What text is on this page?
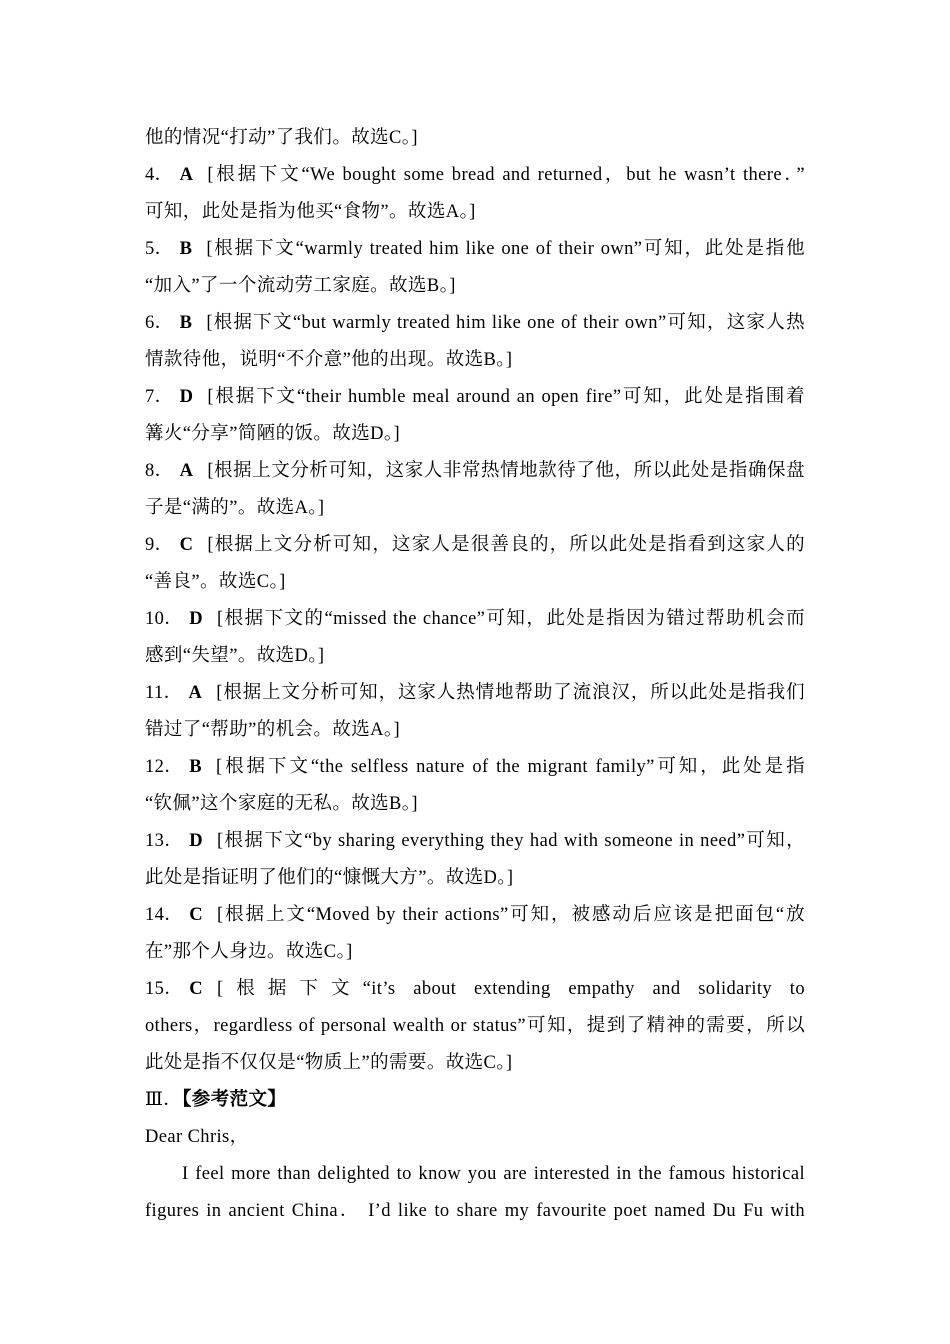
他的情况“打动”了我们。故选C。]
4． A [根据下文“We bought some bread and returned，but he wasn’t there．”
可知，此处是指为他买“食物”。故选A。]
5． B [根据下文“warmly treated him like one of their own”可知，此处是指他
“加入”了一个流动劳工家庭。故选B。]
6． B [根据下文“but warmly treated him like one of their own”可知，这家人热
情款待他，说明“不介意”他的出现。故选B。]
7． D [根据下文“their humble meal around an open fire”可知，此处是指围着
篝火“分享”简陋的饭。故选D。]
8． A [根据上文分析可知，这家人非常热情地款待了他，所以此处是指确保盘
子是“满的”。故选A。]
9． C [根据上文分析可知，这家人是很善良的，所以此处是指看到这家人的
“善良”。故选C。]
10． D [根据下文的“missed the chance”可知，此处是指因为错过帮助机会而
感到“失望”。故选D。]
11． A [根据上文分析可知，这家人热情地帮助了流浪汉，所以此处是指我们
错过了“帮助”的机会。故选A。]
12． B [根据下文“the selfless nature of the migrant family”可知，此处是指
“钦佩”这个家庭的无私。故选B。]
13． D [根据下文“by sharing everything they had with someone in need”可知，
此处是指证明了他们的“慷慨大方”。故选D。]
14． C [根据上文“Moved by their actions”可知，被感动后应该是把面包“放
在”那个人身边。故选C。]
15． C [根据下文“it’s about extending empathy and solidarity to
others，regardless of personal wealth or status”可知，提到了精神的需要，所以
此处是指不仅仅是“物质上”的需要。故选C。]
Ⅲ．【参考范文】
Dear Chris，
I feel more than delighted to know you are interested in the famous historical
figures in ancient China． I’d like to share my favourite poet named Du Fu with
